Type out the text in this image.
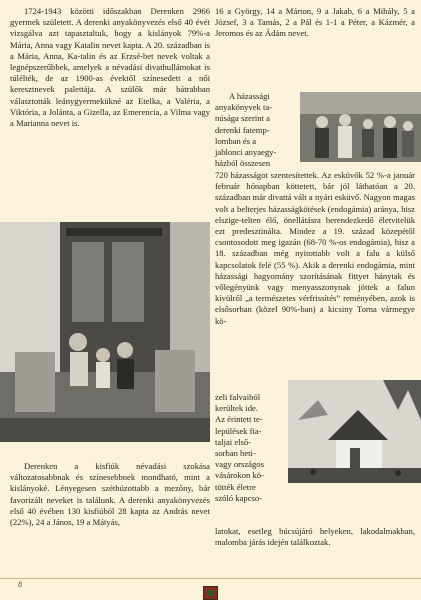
1724-1943 közötti időszakban Derenken 2966 gyermek született. A derenki anyakönyvezés első 40 évét vizsgálva azt tapasztaltuk, hogy a kislányok 79%-a Mária, Anna vagy Katalin nevet kapta. A 20. században is a Mária, Anna, Ka-talin és az Erzsé-bet nevek voltak a legnépszerűbbek, amelyek a névadási divathullámokat is túlélték, de az 1900-as évektől színesedett a női keresztnevek palettája. A szülők már bátrabban választották leánygyermekükné az Etelka, a Valéria, a Viktória, a Jolánta, a Gizella, az Emerencia, a Vilma vagy a Marianna nevet is.

Derenken a kisfiúk névadási szokása változatosabbnak és színesebbnek mondható, mint a kislányoké. Lényegesen széthúzottabb a mezőny, bár favorizált neveket is találunk. A derenki anyakönyvezés első 40 évében 130 kisfiúból 28 kapta az András nevet (22%), 24 a János, 19 a Mátyás,

16 a György, 14 a Márton, 9 a Jakab, 6 a Mihály, 5 a József, 3 a Tamás, 2 a Pál és 1-1 a Péter, a Kázmér, a Jeromos és az Ádám nevet.

A házassági
anyakönyvek ta-
núsága szerint a
derenki fatemp-
lomban és a
jablonci anyaegy-
házból összesen

720 házasságot szentesítettek. Az esküvők 52 %-a január február hónapban köttetett, bár jól láthatóan a 20. században már divattá vált a nyári esküvő. Nagyon magas volt a belterjes házasságkötések (endogámia) aránya, hisz elszige-telten élő, önellátásra berendezkedő életvitelük ezt predesztinálta. Mindez a 19. század közepétől csontosodott meg igazán (68-70 %-os endogámia), hisz a 18. században még nyitottabb volt a falu a külső kapcsolatok felé (55 %). Akik a derenki endogámia, mint házassági hagyomány szorításának fittyet hánytak és vőlegényünk vagy menyasszonynak jöttek a falun kívülről „a természetes vérfrissítés” reményében, azok is elsősorban (közel 90%-ban) a kicsiny Torna vármegye kö-

zeli falvaiból
kerültek ide.
Az érintett te-
lepülések fia-
taljai első-
sorban heti-
vagy országos
vásárokon kö-
tötték életre
szóló kapcso-

latokat, esetleg búcsújáró helyeken, lakodalmakban, malomba járás idején találkoztak.

8
